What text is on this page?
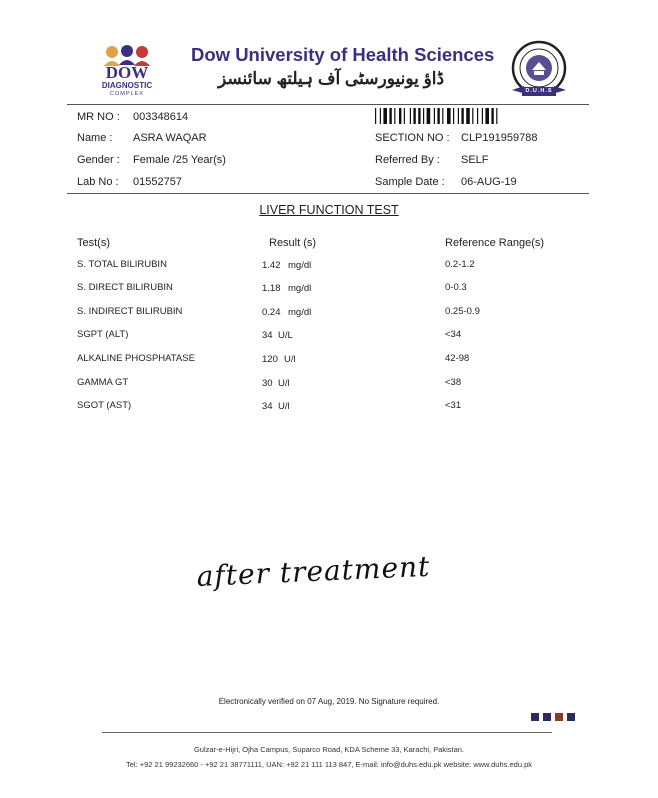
DOW
DIAGNOSTIC
COMPLEX
Dow University of Health Sciences
ڈاؤ یونیورسٹی آف ہیلتھ سائنسز
D.U.H.S
MR NO : 003348614
Name : ASRA WAQAR
Gender : Female /25 Year(s)
Lab No : 01552757
SECTION NO : CLP191959788
Referred By : SELF
Sample Date : 06-AUG-19
LIVER FUNCTION TEST
Test(s)	Result (s)	Reference Range(s)
S. TOTAL BILIRUBIN	1.42 mg/dl	0.2-1.2
S. DIRECT BILIRUBIN	1.18 mg/dl	0-0.3
S. INDIRECT BILIRUBIN	0.24 mg/dl	0.25-0.9
SGPT (ALT)	34 U/L	<34
ALKALINE PHOSPHATASE	120 U/l	42-98
GAMMA GT	30 U/l	<38
SGOT (AST)	34 U/l	<31
after treatment
Electronically verified on 07 Aug, 2019. No Signature required.
Gulzar-e-Hijri, Ojha Campus, Suparco Road, KDA Scheme 33, Karachi, Pakistan.
Tel: +92 21 99232660 - +92 21 38771111, UAN: +92 21 111 113 847, E-mail: info@duhs.edu.pk website: www.duhs.edu.pk
